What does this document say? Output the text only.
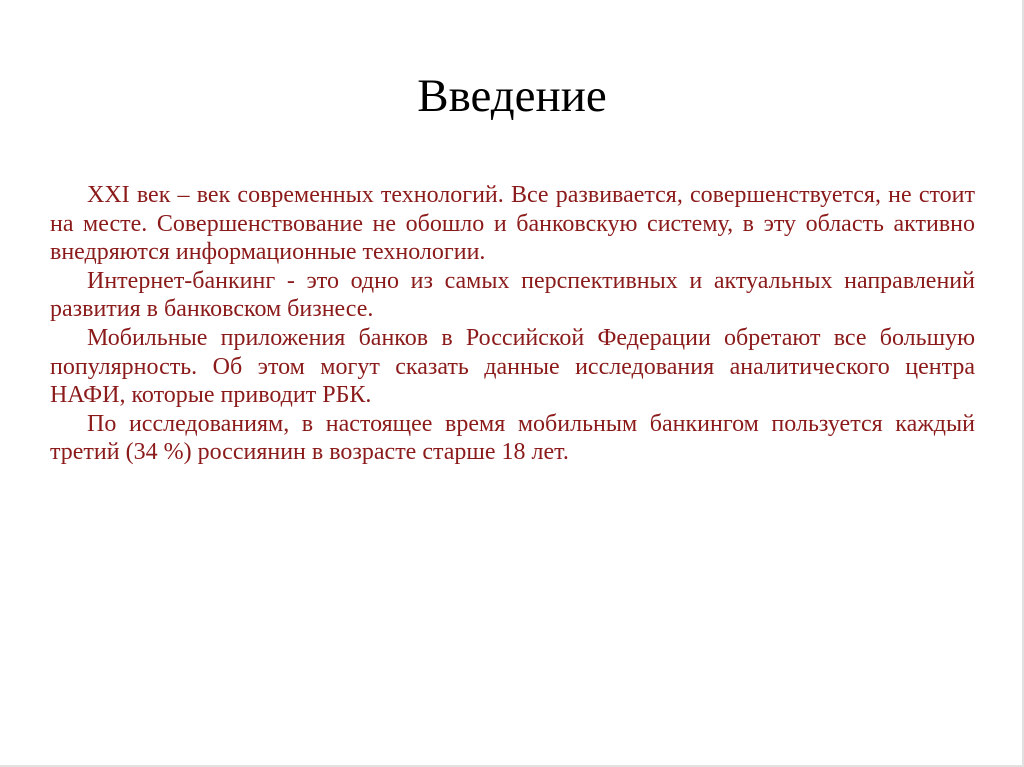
Введение

XXI век – век современных технологий. Все развивается, совершенствуется, не стоит на месте. Совершенствование не обошло и банковскую систему, в эту область активно внедряются информационные технологии.

Интернет-банкинг - это одно из самых перспективных и актуальных направлений развития в банковском бизнесе.

Мобильные приложения банков в Российской Федерации обретают все большую популярность. Об этом могут сказать данные исследования аналитического центра НАФИ, которые приводит РБК.

По исследованиям, в настоящее время мобильным банкингом пользуется каждый третий (34 %) россиянин в возрасте старше 18 лет.
